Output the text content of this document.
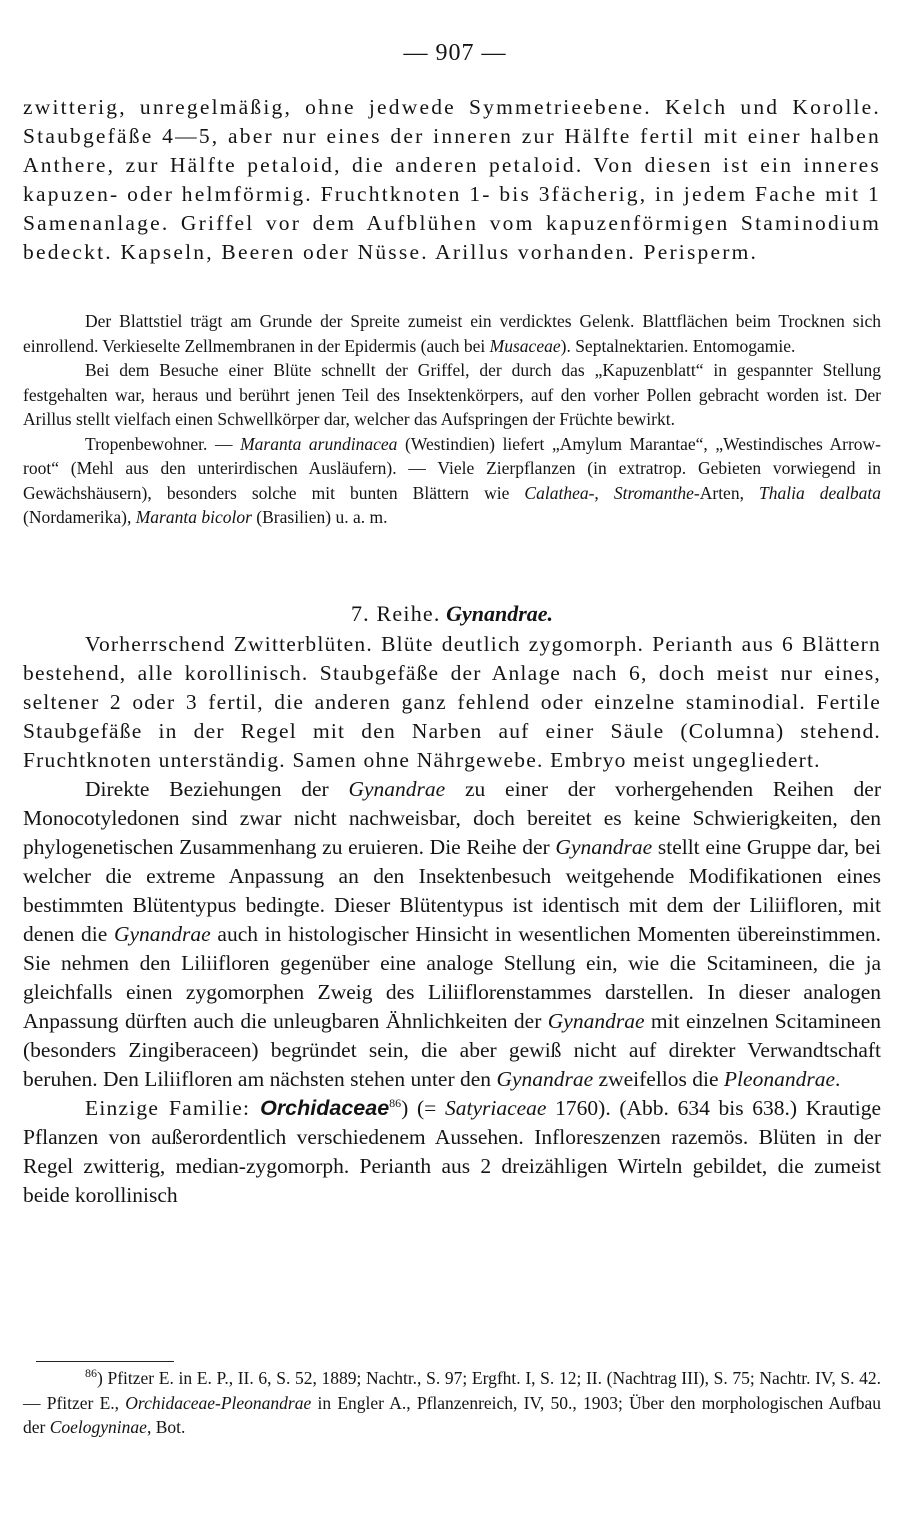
— 907 —

zwitterig, unregelmäßig, ohne jedwede Symmetrieebene. Kelch und Korolle. Staubgefäße 4—5, aber nur eines der inneren zur Hälfte fertil mit einer halben Anthere, zur Hälfte petaloid, die anderen petaloid. Von diesen ist ein inneres kapuzen- oder helmförmig. Fruchtknoten 1- bis 3fächerig, in jedem Fache mit 1 Samenanlage. Griffel vor dem Aufblühen vom kapuzenförmigen Staminodium bedeckt. Kapseln, Beeren oder Nüsse. Arillus vorhanden. Perisperm.

Der Blattstiel trägt am Grunde der Spreite zumeist ein verdicktes Gelenk. Blattflächen beim Trocknen sich einrollend. Verkieselte Zellmembranen in der Epidermis (auch bei Musaceae). Septalnektarien. Entomogamie.

Bei dem Besuche einer Blüte schnellt der Griffel, der durch das „Kapuzenblatt“ in gespannter Stellung festgehalten war, heraus und berührt jenen Teil des Insektenkörpers, auf den vorher Pollen gebracht worden ist. Der Arillus stellt vielfach einen Schwellkörper dar, welcher das Aufspringen der Früchte bewirkt.

Tropenbewohner. — Maranta arundinacea (Westindien) liefert „Amylum Marantae“, „Westindisches Arrow-root“ (Mehl aus den unterirdischen Ausläufern). — Viele Zierpflanzen (in extratrop. Gebieten vorwiegend in Gewächshäusern), besonders solche mit bunten Blättern wie Calathea-, Stromanthe-Arten, Thalia dealbata (Nordamerika), Maranta bicolor (Brasilien) u. a. m.

7. Reihe. Gynandrae.

Vorherrschend Zwitterblüten. Blüte deutlich zygomorph. Perianth aus 6 Blättern bestehend, alle korollinisch. Staubgefäße der Anlage nach 6, doch meist nur eines, seltener 2 oder 3 fertil, die anderen ganz fehlend oder einzelne staminodial. Fertile Staubgefäße in der Regel mit den Narben auf einer Säule (Columna) stehend. Fruchtknoten unterständig. Samen ohne Nährgewebe. Embryo meist ungegliedert.

Direkte Beziehungen der Gynandrae zu einer der vorhergehenden Reihen der Monocotyledonen sind zwar nicht nachweisbar, doch bereitet es keine Schwierigkeiten, den phylogenetischen Zusammenhang zu eruieren. Die Reihe der Gynandrae stellt eine Gruppe dar, bei welcher die extreme Anpassung an den Insektenbesuch weitgehende Modifikationen eines bestimmten Blütentypus bedingte. Dieser Blütentypus ist identisch mit dem der Liliifloren, mit denen die Gynandrae auch in histologischer Hinsicht in wesentlichen Momenten übereinstimmen. Sie nehmen den Liliifloren gegenüber eine analoge Stellung ein, wie die Scitamineen, die ja gleichfalls einen zygomorphen Zweig des Liliiflorenstammes darstellen. In dieser analogen Anpassung dürften auch die unleugbaren Ähnlichkeiten der Gynandrae mit einzelnen Scitamineen (besonders Zingiberaceen) begründet sein, die aber gewiß nicht auf direkter Verwandtschaft beruhen. Den Liliifloren am nächsten stehen unter den Gynandrae zweifellos die Pleonandrae.

Einzige Familie: Orchidaceae$^{86}$) (= Satyriaceae 1760). (Abb. 634 bis 638.) Krautige Pflanzen von außerordentlich verschiedenem Aussehen. Infloreszenzen razemös. Blüten in der Regel zwitterig, median-zygomorph. Perianth aus 2 dreizähligen Wirteln gebildet, die zumeist beide korollinisch

$^{86}$) Pfitzer E. in E. P., II. 6, S. 52, 1889; Nachtr., S. 97; Ergfht. I, S. 12; II. (Nachtrag III), S. 75; Nachtr. IV, S. 42. — Pfitzer E., Orchidaceae-Pleonandrae in Engler A., Pflanzenreich, IV, 50., 1903; Über den morphologischen Aufbau der Coelogyninae, Bot.
